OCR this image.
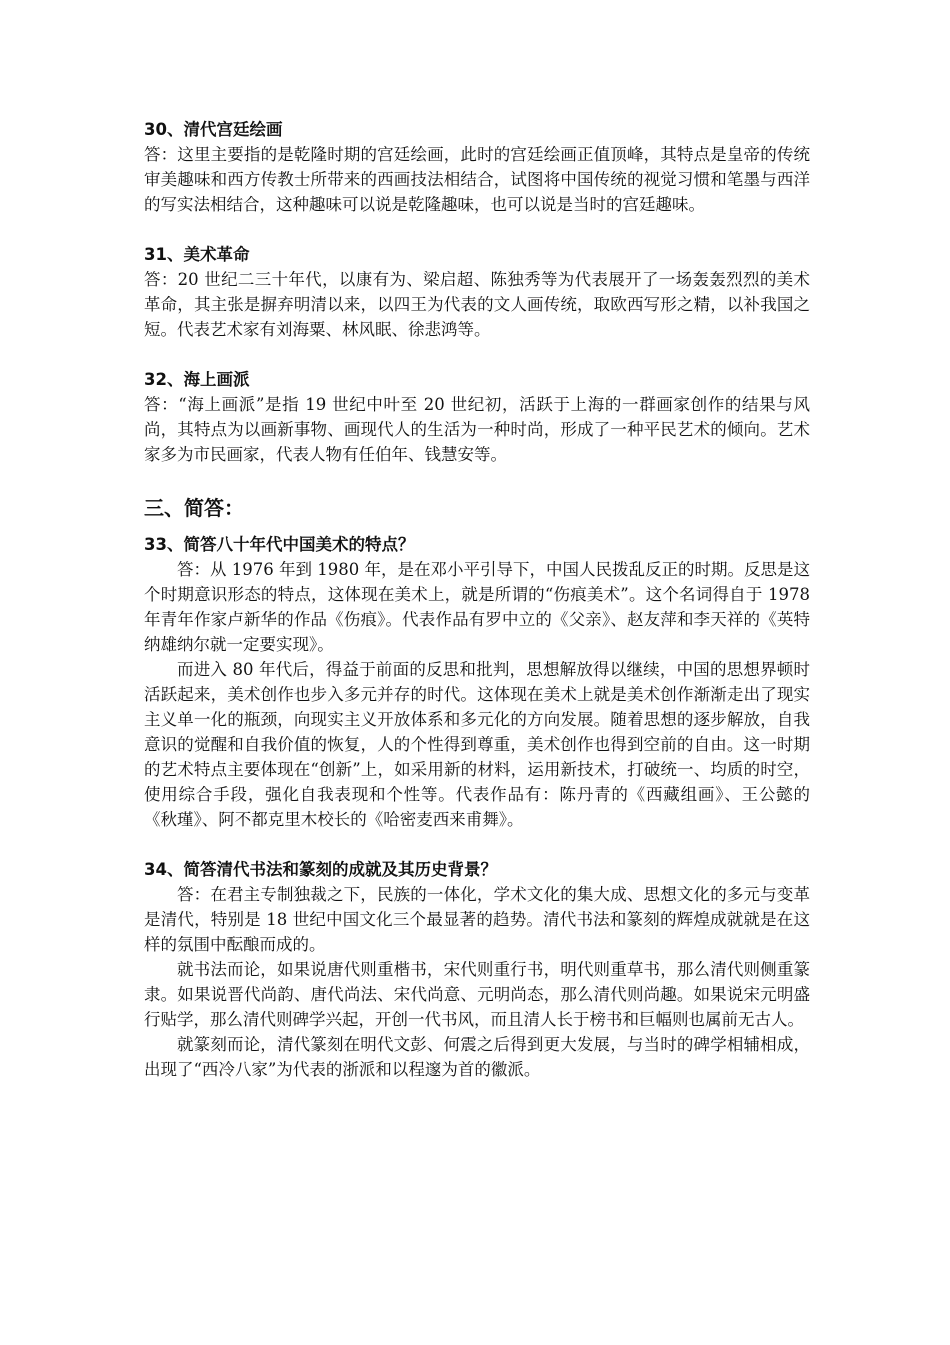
30、清代宫廷绘画

答：这里主要指的是乾隆时期的宫廷绘画，此时的宫廷绘画正值顶峰，其特点是皇帝的传统审美趣味和西方传教士所带来的西画技法相结合，试图将中国传统的视觉习惯和笔墨与西洋的写实法相结合，这种趣味可以说是乾隆趣味，也可以说是当时的宫廷趣味。

31、美术革命

答：20 世纪二三十年代，以康有为、梁启超、陈独秀等为代表展开了一场轰轰烈烈的美术革命，其主张是摒弃明清以来，以四王为代表的文人画传统，取欧西写形之精，以补我国之短。代表艺术家有刘海粟、林风眠、徐悲鸿等。

32、海上画派

答：“海上画派”是指 19 世纪中叶至 20 世纪初，活跃于上海的一群画家创作的结果与风尚，其特点为以画新事物、画现代人的生活为一种时尚，形成了一种平民艺术的倾向。艺术家多为市民画家，代表人物有任伯年、钱慧安等。

三、简答：

33、简答八十年代中国美术的特点？

答：从 1976 年到 1980 年，是在邓小平引导下，中国人民拨乱反正的时期。反思是这个时期意识形态的特点，这体现在美术上，就是所谓的“伤痕美术”。这个名词得自于 1978 年青年作家卢新华的作品《伤痕》。代表作品有罗中立的《父亲》、赵友萍和李天祥的《英特纳雄纳尔就一定要实现》。

而进入 80 年代后，得益于前面的反思和批判，思想解放得以继续，中国的思想界顿时活跃起来，美术创作也步入多元并存的时代。这体现在美术上就是美术创作渐渐走出了现实主义单一化的瓶颈，向现实主义开放体系和多元化的方向发展。随着思想的逐步解放，自我意识的觉醒和自我价值的恢复，人的个性得到尊重，美术创作也得到空前的自由。这一时期的艺术特点主要体现在“创新”上，如采用新的材料，运用新技术，打破统一、均质的时空，使用综合手段，强化自我表现和个性等。代表作品有：陈丹青的《西藏组画》、王公懿的《秋瑾》、阿不都克里木校长的《哈密麦西来甫舞》。

34、简答清代书法和篆刻的成就及其历史背景？

答：在君主专制独裁之下，民族的一体化，学术文化的集大成、思想文化的多元与变革是清代，特别是 18 世纪中国文化三个最显著的趋势。清代书法和篆刻的辉煌成就就是在这样的氛围中酝酿而成的。

就书法而论，如果说唐代则重楷书，宋代则重行书，明代则重草书，那么清代则侧重篆隶。如果说晋代尚韵、唐代尚法、宋代尚意、元明尚态，那么清代则尚趣。如果说宋元明盛行贴学，那么清代则碑学兴起，开创一代书风，而且清人长于榜书和巨幅则也属前无古人。

就篆刻而论，清代篆刻在明代文彭、何震之后得到更大发展，与当时的碑学相辅相成，出现了“西冷八家”为代表的浙派和以程邃为首的徽派。
